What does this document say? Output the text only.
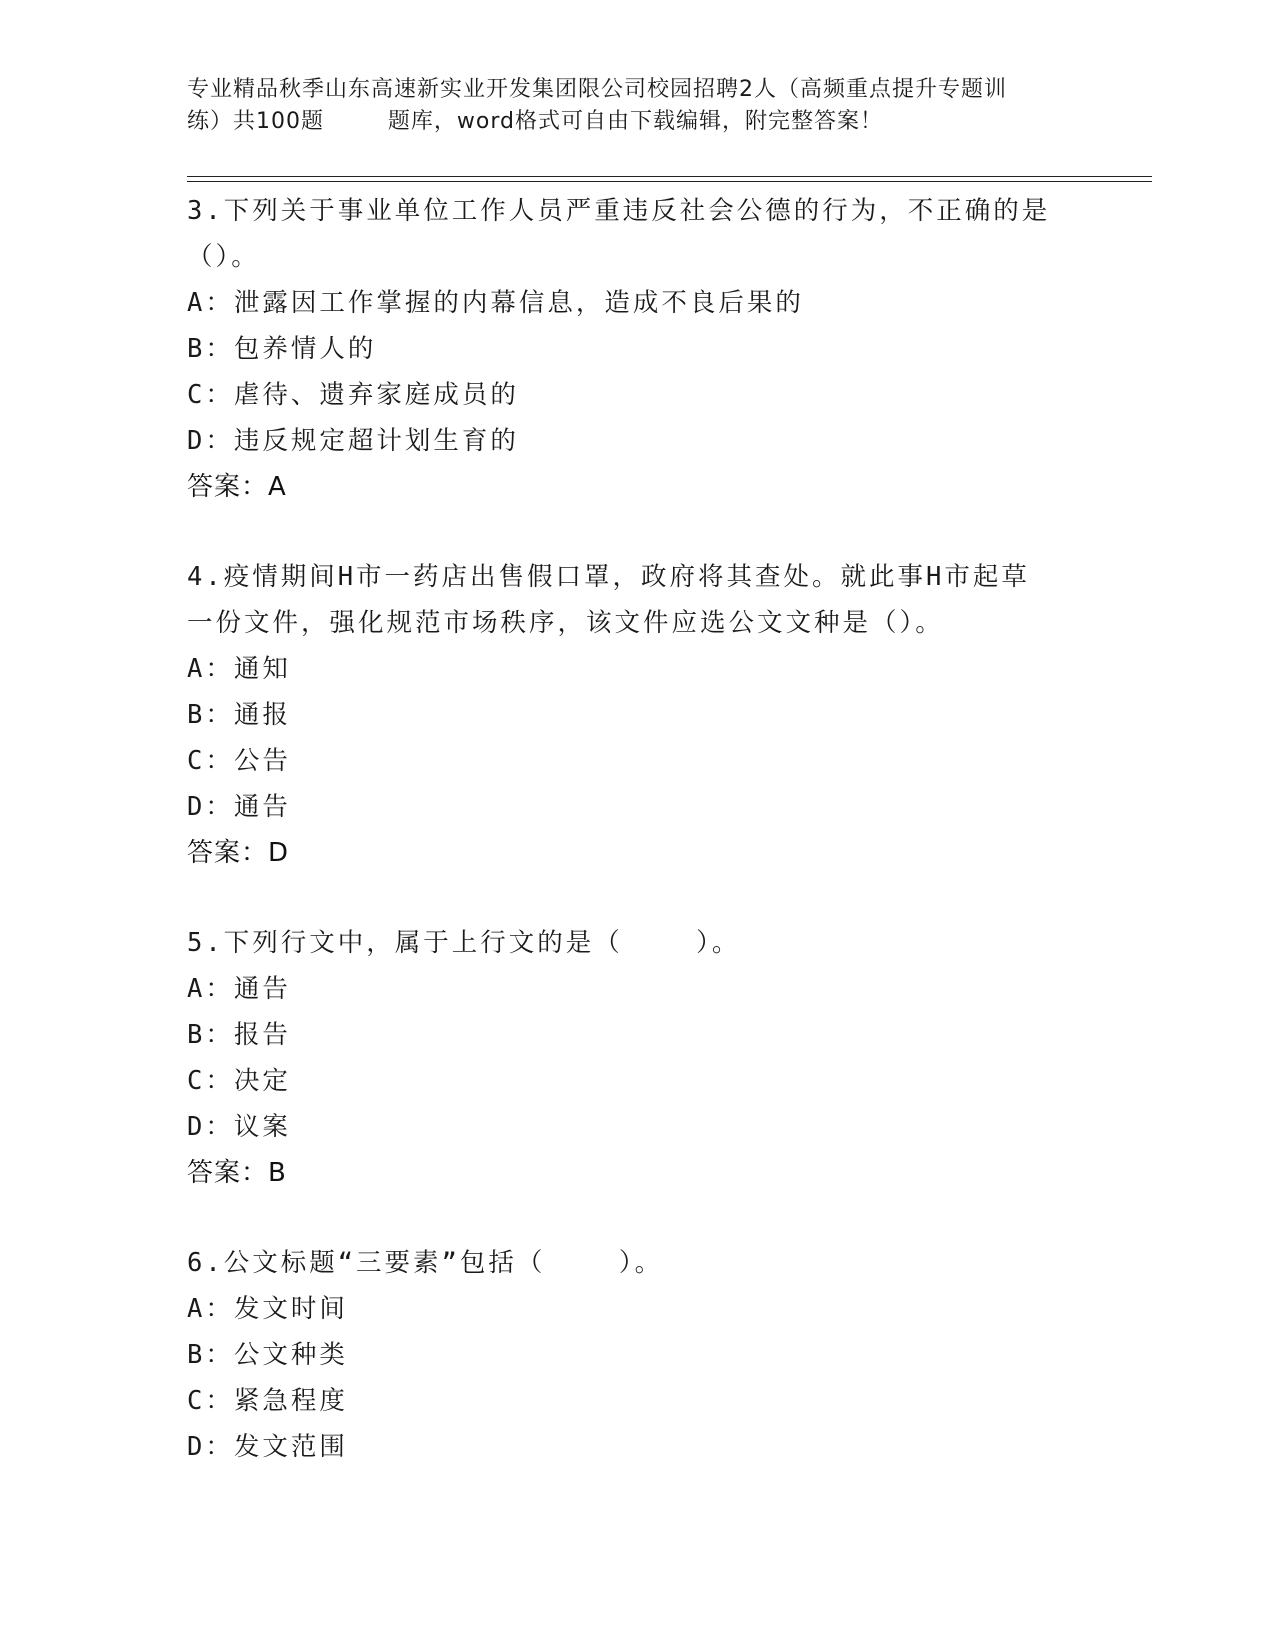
专业精品秋季山东高速新实业开发集团限公司校园招聘2人（高频重点提升专题训
练）共100题        题库，word格式可自由下载编辑，附完整答案！
3.下列关于事业单位工作人员严重违反社会公德的行为，不正确的是
（）。
A：泄露因工作掌握的内幕信息，造成不良后果的
B：包养情人的
C：虐待、遗弃家庭成员的
D：违反规定超计划生育的
答案：A
4.疫情期间H市一药店出售假口罩，政府将其查处。就此事H市起草
一份文件，强化规范市场秩序，该文件应选公文文种是（）。
A：通知
B：通报
C：公告
D：通告
答案：D
5.下列行文中，属于上行文的是（    ）。
A：通告
B：报告
C：决定
D：议案
答案：B
6.公文标题“三要素”包括（    ）。
A：发文时间
B：公文种类
C：紧急程度
D：发文范围
